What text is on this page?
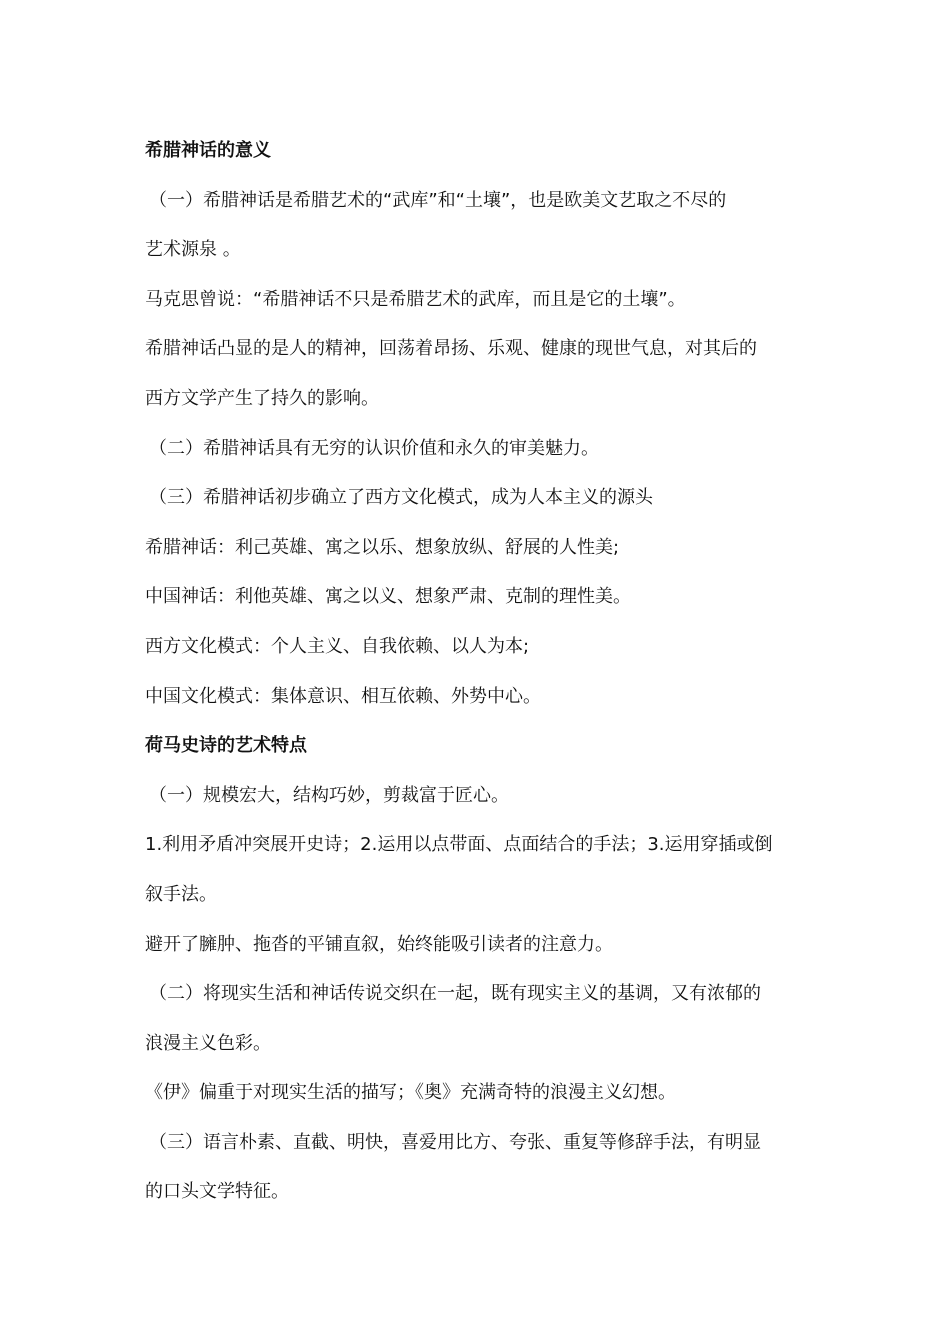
希腊神话的意义

（一）希腊神话是希腊艺术的“武库”和“土壤”，也是欧美文艺取之不尽的

艺术源泉 。

马克思曾说：“希腊神话不只是希腊艺术的武库，而且是它的土壤”。

希腊神话凸显的是人的精神，回荡着昂扬、乐观、健康的现世气息，对其后的

西方文学产生了持久的影响。

（二）希腊神话具有无穷的认识价值和永久的审美魅力。

（三）希腊神话初步确立了西方文化模式，成为人本主义的源头

希腊神话：利己英雄、寓之以乐、想象放纵、舒展的人性美;

中国神话：利他英雄、寓之以义、想象严肃、克制的理性美。

西方文化模式：个人主义、自我依赖、以人为本;

中国文化模式：集体意识、相互依赖、外势中心。

荷马史诗的艺术特点

（一）规模宏大，结构巧妙，剪裁富于匠心。

1.利用矛盾冲突展开史诗；2.运用以点带面、点面结合的手法；3.运用穿插或倒

叙手法。

避开了臃肿、拖沓的平铺直叙，始终能吸引读者的注意力。

（二）将现实生活和神话传说交织在一起，既有现实主义的基调，又有浓郁的

浪漫主义色彩。

《伊》偏重于对现实生活的描写；《奥》充满奇特的浪漫主义幻想。

（三）语言朴素、直截、明快，喜爱用比方、夸张、重复等修辞手法，有明显

的口头文学特征。
